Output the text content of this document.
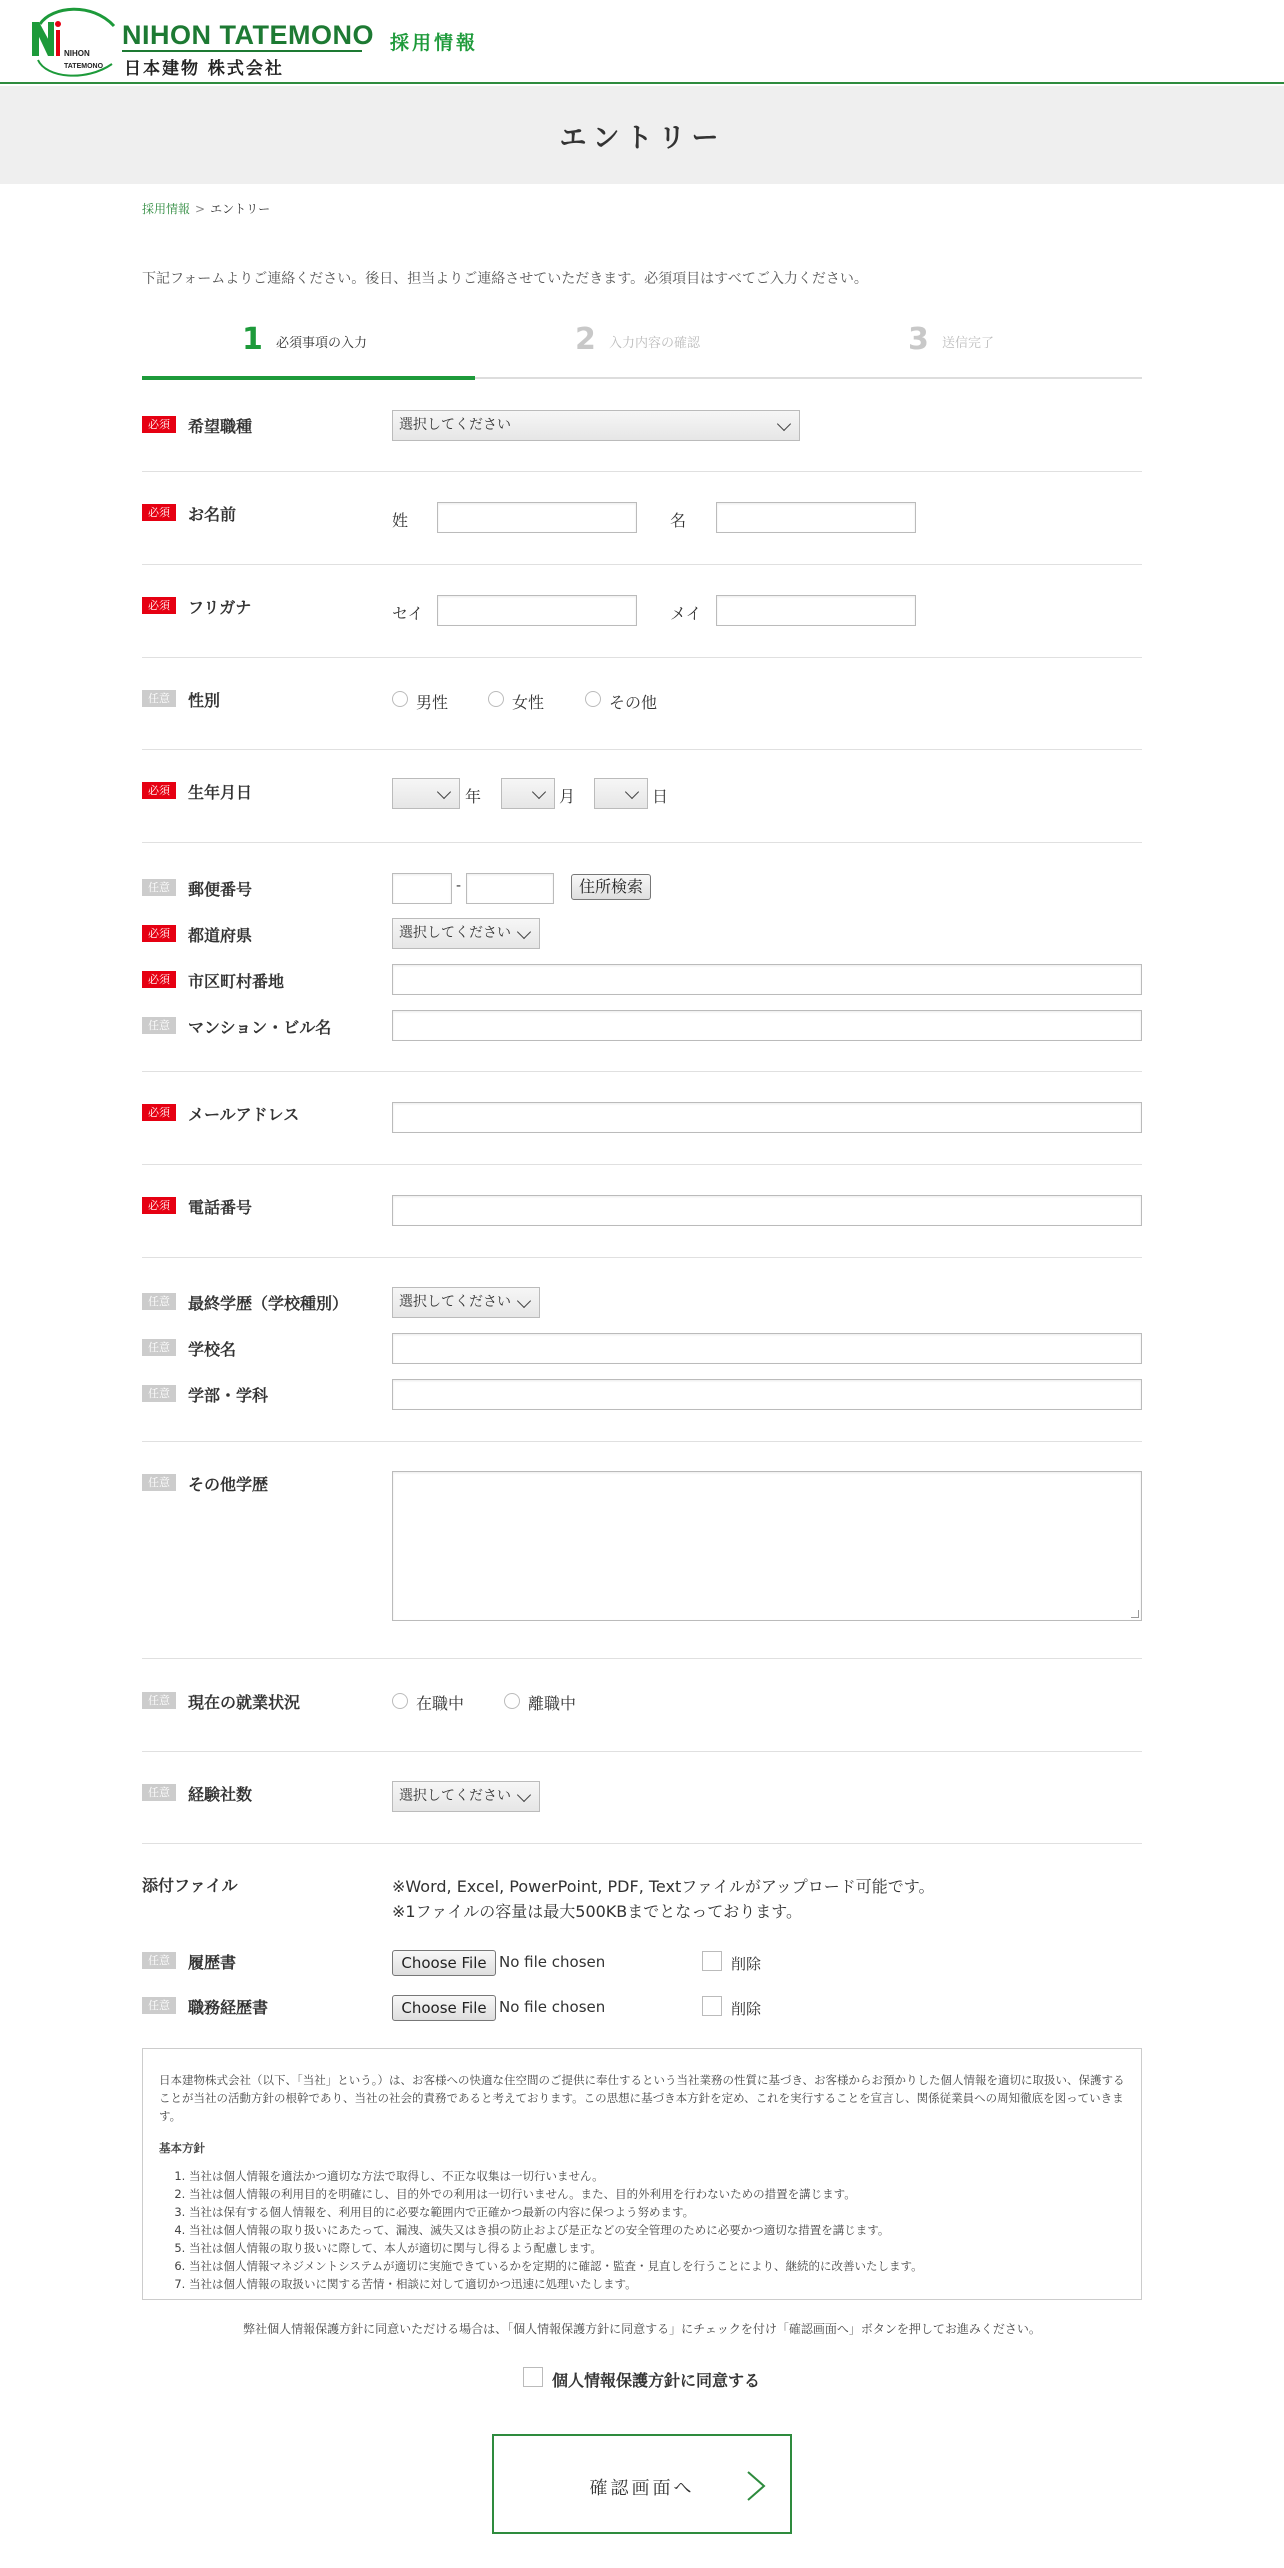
NIHON
TATEMONO
NIHON TATEMONO
日本建物 株式会社
採用情報
エントリー
採用情報 > エントリー
下記フォームよりご連絡ください。後日、担当よりご連絡させていただきます。必須項目はすべてご入力ください。
1 必須事項の入力	2 入力内容の確認	3 送信完了
必須	希望職種	選択してください
必須	お名前	姓	名
必須	フリガナ	セイ	メイ
任意	性別	男性	女性	その他
必須	生年月日	年	月	日
任意	郵便番号	-	住所検索
必須	都道府県	選択してください
必須	市区町村番地
任意	マンション・ビル名
必須	メールアドレス
必須	電話番号
任意	最終学歴（学校種別）	選択してください
任意	学校名
任意	学部・学科
任意	その他学歴
任意	現在の就業状況	在職中	離職中
任意	経験社数	選択してください
添付ファイル	※Word, Excel, PowerPoint, PDF, Textファイルがアップロード可能です。
※1ファイルの容量は最大500KBまでとなっております。
任意	履歴書	Choose File No file chosen	削除
任意	職務経歴書	Choose File No file chosen	削除

日本建物株式会社（以下、「当社」という。）は、お客様への快適な住空間のご提供に奉仕するという当社業務の性質に基づき、お客様からお預かりした個人情報を適切に取扱い、保護することが当社の活動方針の根幹であり、当社の社会的責務であると考えております。この思想に基づき本方針を定め、これを実行することを宣言し、関係従業員への周知徹底を図っていきます。

基本方針

1. 当社は個人情報を適法かつ適切な方法で取得し、不正な収集は一切行いません。
2. 当社は個人情報の利用目的を明確にし、目的外での利用は一切行いません。また、目的外利用を行わないための措置を講じます。
3. 当社は保有する個人情報を、利用目的に必要な範囲内で正確かつ最新の内容に保つよう努めます。
4. 当社は個人情報の取り扱いにあたって、漏洩、滅失又はき損の防止および是正などの安全管理のために必要かつ適切な措置を講じます。
5. 当社は個人情報の取り扱いに際して、本人が適切に関与し得るよう配慮します。
6. 当社は個人情報マネジメントシステムが適切に実施できているかを定期的に確認・監査・見直しを行うことにより、継続的に改善いたします。
7. 当社は個人情報の取扱いに関する苦情・相談に対して適切かつ迅速に処理いたします。
弊社個人情報保護方針に同意いただける場合は、「個人情報保護方針に同意する」にチェックを付け「確認画面へ」ボタンを押してお進みください。
個人情報保護方針に同意する
確認画面へ
